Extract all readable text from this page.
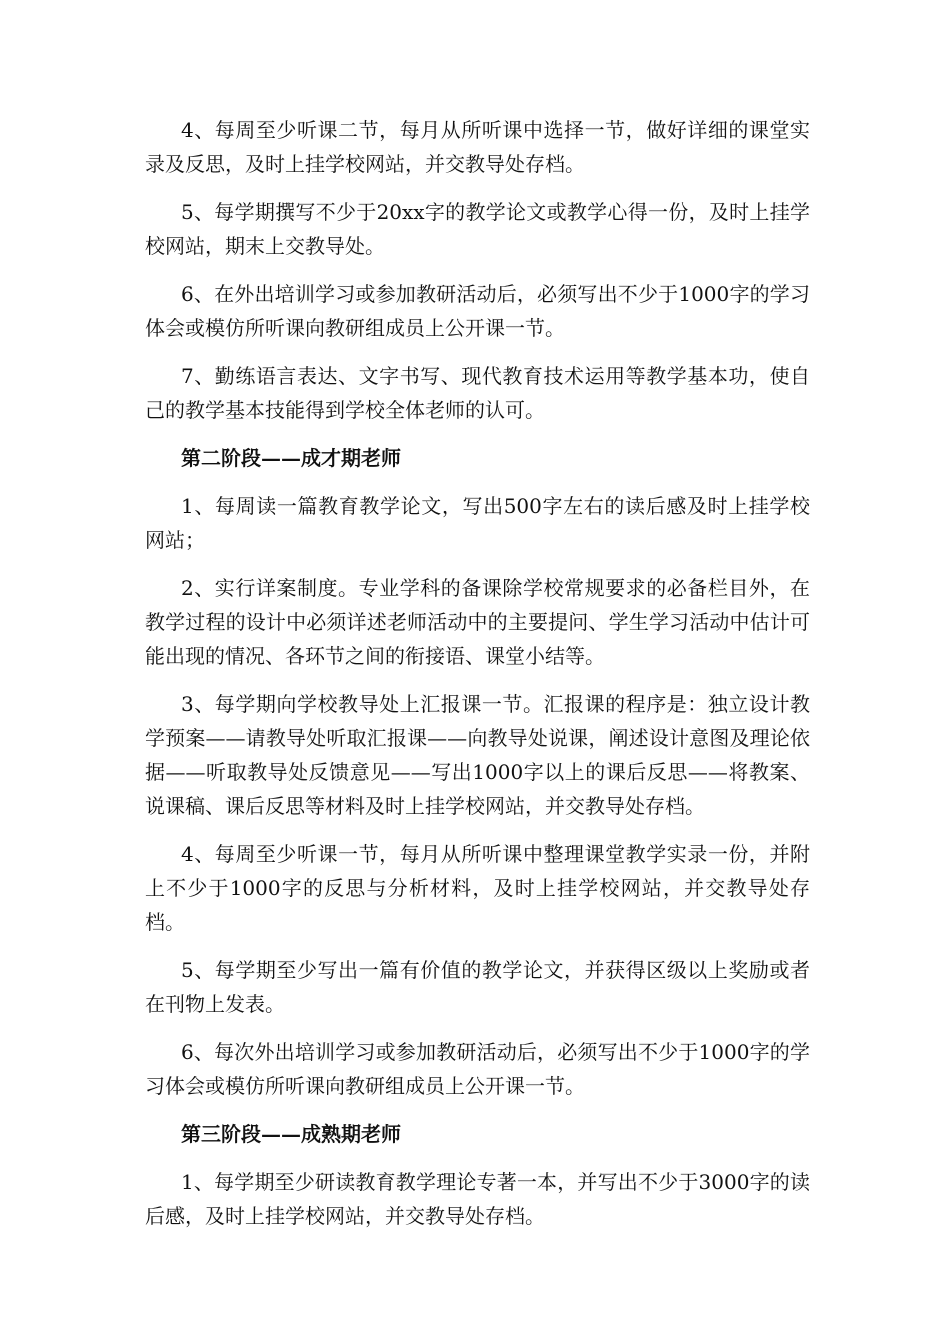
4、每周至少听课二节，每月从所听课中选择一节，做好详细的课堂实录及反思，及时上挂学校网站，并交教导处存档。

5、每学期撰写不少于20xx字的教学论文或教学心得一份，及时上挂学校网站，期末上交教导处。

6、在外出培训学习或参加教研活动后，必须写出不少于1000字的学习体会或模仿所听课向教研组成员上公开课一节。

7、勤练语言表达、文字书写、现代教育技术运用等教学基本功，使自己的教学基本技能得到学校全体老师的认可。

第二阶段——成才期老师

1、每周读一篇教育教学论文，写出500字左右的读后感及时上挂学校网站；

2、实行详案制度。专业学科的备课除学校常规要求的必备栏目外，在教学过程的设计中必须详述老师活动中的主要提问、学生学习活动中估计可能出现的情况、各环节之间的衔接语、课堂小结等。

3、每学期向学校教导处上汇报课一节。汇报课的程序是：独立设计教学预案——请教导处听取汇报课——向教导处说课，阐述设计意图及理论依据——听取教导处反馈意见——写出1000字以上的课后反思——将教案、说课稿、课后反思等材料及时上挂学校网站，并交教导处存档。

4、每周至少听课一节，每月从所听课中整理课堂教学实录一份，并附上不少于1000字的反思与分析材料，及时上挂学校网站，并交教导处存档。

5、每学期至少写出一篇有价值的教学论文，并获得区级以上奖励或者在刊物上发表。

6、每次外出培训学习或参加教研活动后，必须写出不少于1000字的学习体会或模仿所听课向教研组成员上公开课一节。

第三阶段——成熟期老师

1、每学期至少研读教育教学理论专著一本，并写出不少于3000字的读后感，及时上挂学校网站，并交教导处存档。
